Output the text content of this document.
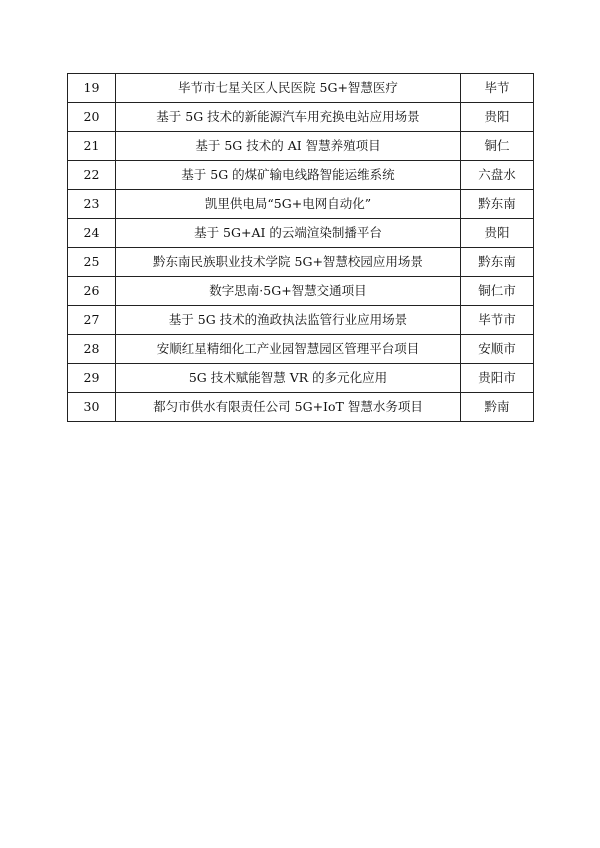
19	毕节市七星关区人民医院 5G+智慧医疗	毕节
20	基于 5G 技术的新能源汽车用充换电站应用场景	贵阳
21	基于 5G 技术的 AI 智慧养殖项目	铜仁
22	基于 5G 的煤矿输电线路智能运维系统	六盘水
23	凯里供电局“5G+电网自动化”	黔东南
24	基于 5G+AI 的云端渲染制播平台	贵阳
25	黔东南民族职业技术学院 5G+智慧校园应用场景	黔东南
26	数字思南·5G+智慧交通项目	铜仁市
27	基于 5G 技术的渔政执法监管行业应用场景	毕节市
28	安顺红星精细化工产业园智慧园区管理平台项目	安顺市
29	5G 技术赋能智慧 VR 的多元化应用	贵阳市
30	都匀市供水有限责任公司 5G+IoT 智慧水务项目	黔南
